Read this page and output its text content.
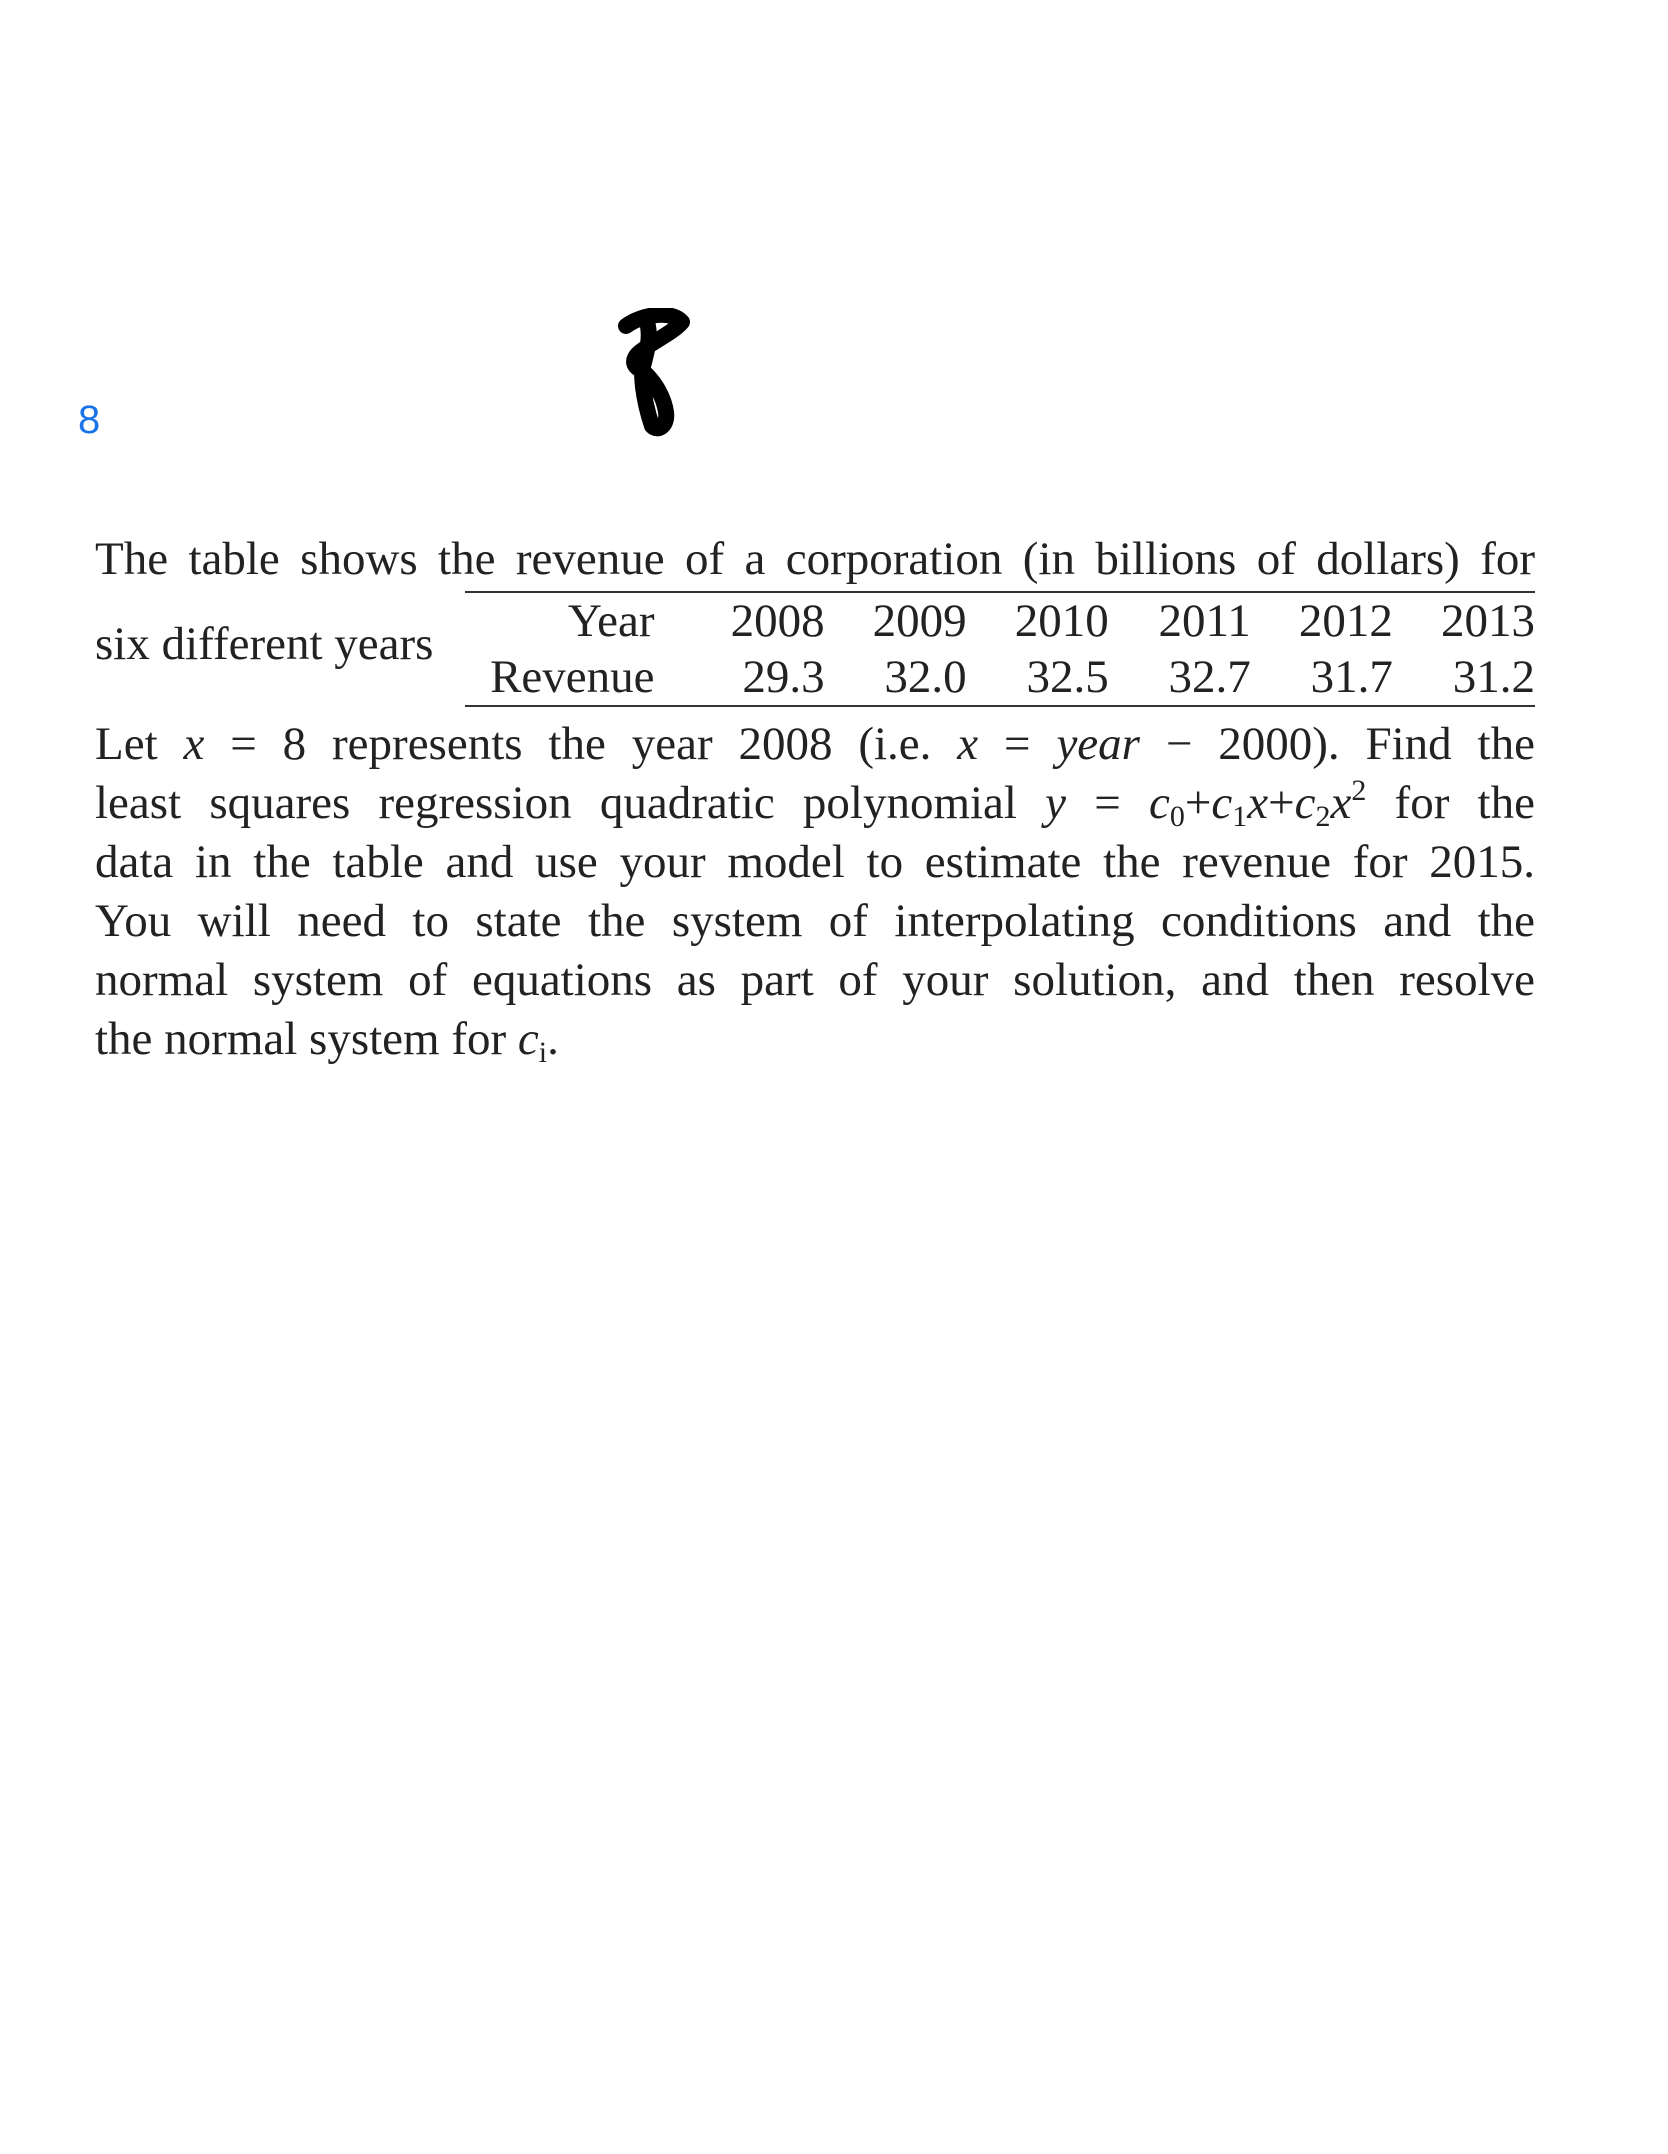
8
The table shows the revenue of a corporation (in billions of dollars) for
six different years	Year	2008	2009	2010	2011	2012	2013
Revenue	29.3	32.0	32.5	32.7	31.7	31.2
Let x = 8 represents the year 2008 (i.e. x = year − 2000). Find the
least squares regression quadratic polynomial $y = c_0+c_1x+c_2x^2$ for the
data in the table and use your model to estimate the revenue for 2015.
You will need to state the system of interpolating conditions and the
normal system of equations as part of your solution, and then resolve
the normal system for $c_i$.
